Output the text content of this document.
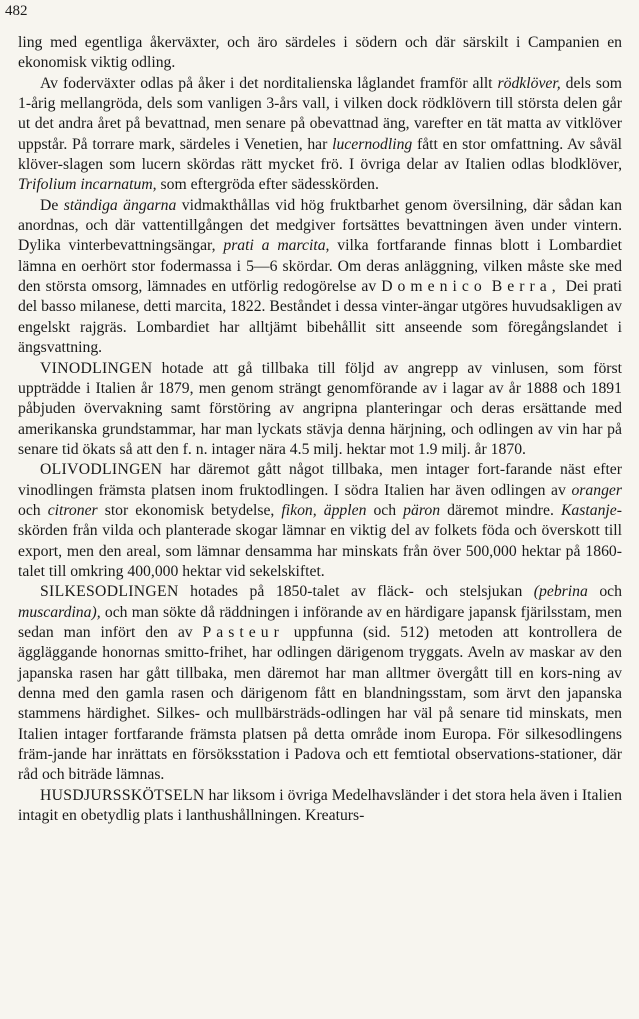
482

ling med egentliga åkerväxter, och äro särdeles i södern och där särskilt i Campanien en ekonomisk viktig odling.

Av foderväxter odlas på åker i det norditalienska låglandet framför allt rödklöver, dels som 1-årig mellangröda, dels som vanligen 3-års vall, i vilken dock rödklövern till största delen går ut det andra året på bevattnad, men senare på obevattnad äng, varefter en tät matta av vitklöver uppstår. På torrare mark, särdeles i Venetien, har lucernodling fått en stor omfattning. Av såväl klöver-slagen som lucern skördas rätt mycket frö. I övriga delar av Italien odlas blodklöver, Trifolium incarnatum, som eftergröda efter sädesskörden.

De ständiga ängarna vidmakthållas vid hög fruktbarhet genom översilning, där sådan kan anordnas, och där vattentillgången det medgiver fortsättes bevattningen även under vintern. Dylika vinterbevattningsängar, prati a marcita, vilka fortfarande finnas blott i Lombardiet lämna en oerhört stor fodermassa i 5—6 skördar. Om deras anläggning, vilken måste ske med den största omsorg, lämnades en utförlig redogörelse av Domenico Berra, Dei prati del basso milanese, detti marcita, 1822. Beståndet i dessa vinter-ängar utgöres huvudsakligen av engelskt rajgräs. Lombardiet har alltjämt bibehållit sitt anseende som föregångslandet i ängsvattning.

VINODLINGEN hotade att gå tillbaka till följd av angrepp av vinlusen, som först uppträdde i Italien år 1879, men genom strängt genomförande av i lagar av år 1888 och 1891 påbjuden övervakning samt förstöring av angripna planteringar och deras ersättande med amerikanska grundstammar, har man lyckats stävja denna härjning, och odlingen av vin har på senare tid ökats så att den f. n. intager nära 4.5 milj. hektar mot 1.9 milj. år 1870.

OLIVODLINGEN har däremot gått något tillbaka, men intager fort-farande näst efter vinodlingen främsta platsen inom fruktodlingen. I södra Italien har även odlingen av oranger och citroner stor ekonomisk betydelse, fikon, äpplen och päron däremot mindre. Kastanje-skörden från vilda och planterade skogar lämnar en viktig del av folkets föda och överskott till export, men den areal, som lämnar densamma har minskats från över 500,000 hektar på 1860-talet till omkring 400,000 hektar vid sekelskiftet.

SILKESODLINGEN hotades på 1850-talet av fläck- och stelsjukan (pebrina och muscardina), och man sökte då räddningen i införande av en härdigare japansk fjärilsstam, men sedan man infört den av Pasteur uppfunna (sid. 512) metoden att kontrollera de äggläggande honornas smitto-frihet, har odlingen därigenom tryggats. Aveln av maskar av den japanska rasen har gått tillbaka, men däremot har man alltmer övergått till en kors-ning av denna med den gamla rasen och därigenom fått en blandningsstam, som ärvt den japanska stammens härdighet. Silkes- och mullbärsträds-odlingen har väl på senare tid minskats, men Italien intager fortfarande främsta platsen på detta område inom Europa. För silkesodlingens främ-jande har inrättats en försöksstation i Padova och ett femtiotal observations-stationer, där råd och biträde lämnas.

HUSDJURSSKÖTSELN har liksom i övriga Medelhavsländer i det stora hela även i Italien intagit en obetydlig plats i lanthushållningen. Kreaturs-
